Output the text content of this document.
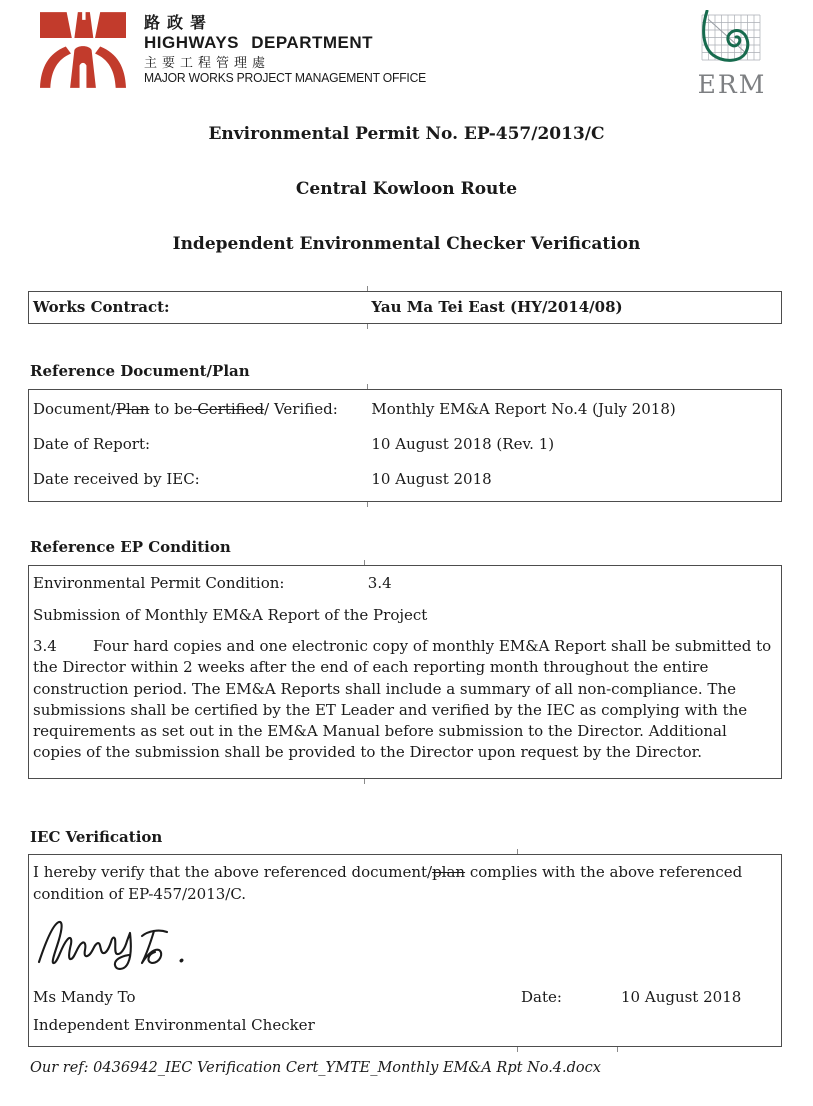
路政署
HIGHWAYS DEPARTMENT
主要工程管理處
MAJOR WORKS PROJECT MANAGEMENT OFFICE	ERM
Environmental Permit No. EP-457/2013/C
Central Kowloon Route
Independent Environmental Checker Verification
Works Contract:	Yau Ma Tei East (HY/2014/08)
Reference Document/Plan
Document/Plan to be Certified/ Verified:	Monthly EM&A Report No.4 (July 2018)
Date of Report:	10 August 2018 (Rev. 1)
Date received by IEC:	10 August 2018
Reference EP Condition
Environmental Permit Condition:	3.4

Submission of Monthly EM&A Report of the Project

3.4 Four hard copies and one electronic copy of monthly EM&A Report shall be submitted to the Director within 2 weeks after the end of each reporting month throughout the entire construction period. The EM&A Reports shall include a summary of all non-compliance. The submissions shall be certified by the ET Leader and verified by the IEC as complying with the requirements as set out in the EM&A Manual before submission to the Director. Additional copies of the submission shall be provided to the Director upon request by the Director.

IEC Verification

I hereby verify that the above referenced document/plan complies with the above referenced condition of EP-457/2013/C.

Ms Mandy To	Date:	10 August 2018
Independent Environmental Checker
Our ref: 0436942_IEC Verification Cert_YMTE_Monthly EM&A Rpt No.4.docx
